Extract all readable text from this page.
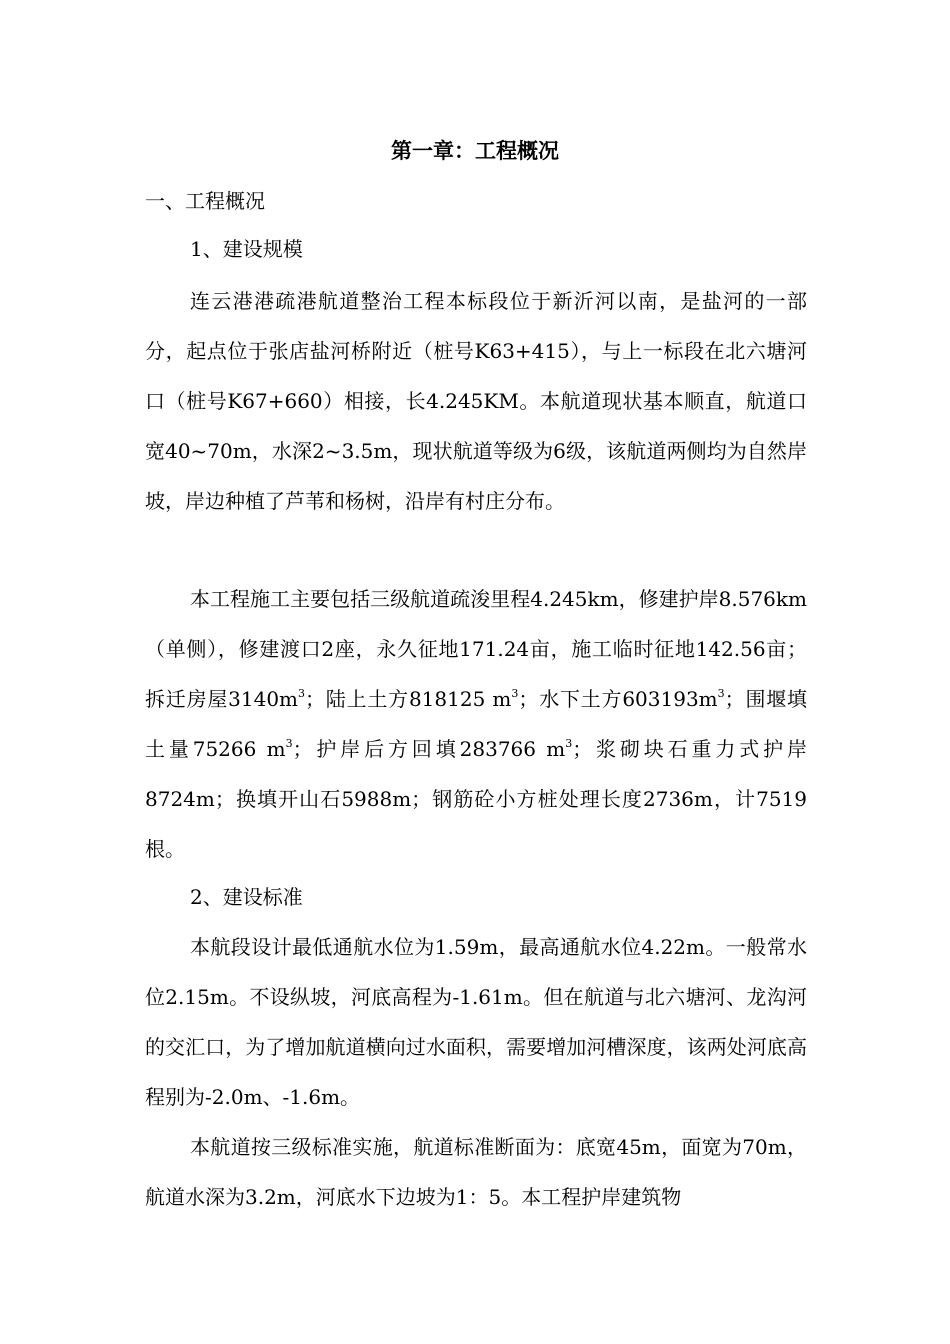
第一章：工程概况
一、工程概况
1、建设规模
连云港港疏港航道整治工程本标段位于新沂河以南，是盐河的一部分，起点位于张店盐河桥附近（桩号K63+415），与上一标段在北六塘河口（桩号K67+660）相接，长4.245KM。本航道现状基本顺直，航道口宽40~70m，水深2~3.5m，现状航道等级为6级，该航道两侧均为自然岸坡，岸边种植了芦苇和杨树，沿岸有村庄分布。
本工程施工主要包括三级航道疏浚里程4.245km，修建护岸8.576km（单侧），修建渡口2座，永久征地171.24亩，施工临时征地142.56亩；拆迁房屋$3140m^3$；陆上土方818125 $m^3$；水下土方$603193m^3$；围堰填土量75266 $m^3$；护岸后方回填283766 $m^3$；浆砌块石重力式护岸8724m；换填开山石5988m；钢筋砼小方桩处理长度2736m，计7519根。
2、建设标准
本航段设计最低通航水位为1.59m，最高通航水位4.22m。一般常水位2.15m。不设纵坡，河底高程为-1.61m。但在航道与北六塘河、龙沟河的交汇口，为了增加航道横向过水面积，需要增加河槽深度，该两处河底高程别为-2.0m、-1.6m。
本航道按三级标准实施，航道标准断面为：底宽45m，面宽为70m，航道水深为3.2m，河底水下边坡为1：5。本工程护岸建筑物
